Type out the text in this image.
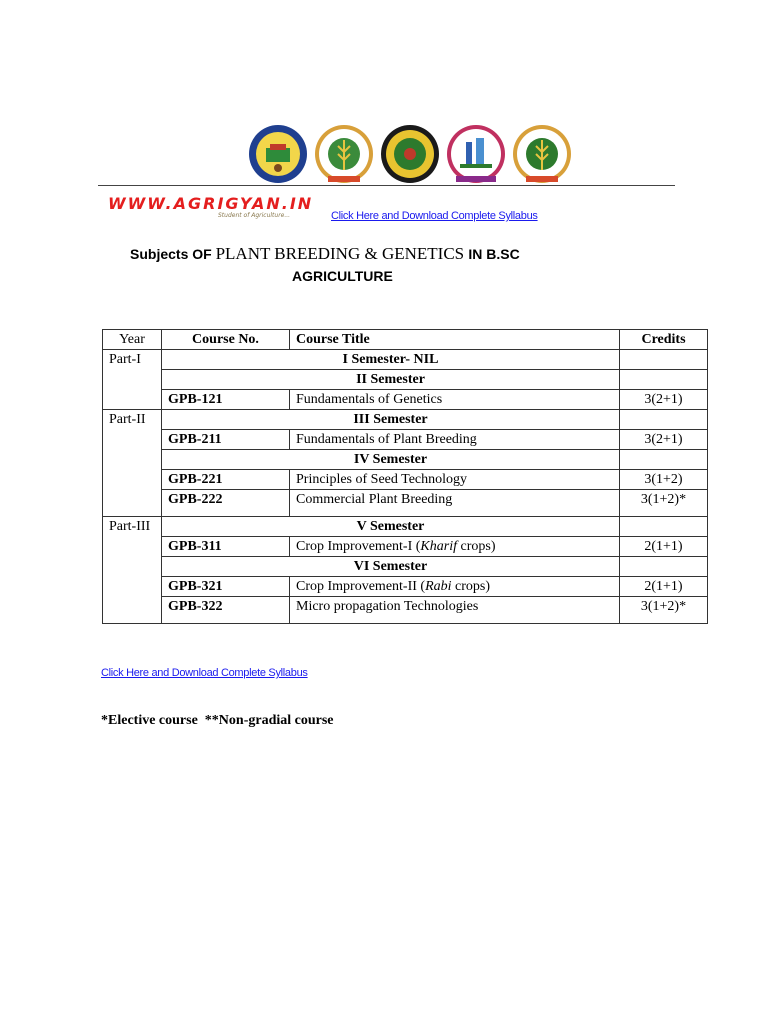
WWW.AGRIGYAN.IN
Student of Agriculture...	Click Here and Download Complete Syllabus
Subjects OF PLANT BREEDING & GENETICS IN B.SC
AGRICULTURE
Year	Course No.	Course Title	Credits
Part-I	I Semester- NIL		
	II Semester		
	GPB-121	Fundamentals of Genetics	3(2+1)
Part-II	III Semester		
	GPB-211	Fundamentals of Plant Breeding	3(2+1)
	IV Semester		
	GPB-221	Principles of Seed Technology	3(1+2)
	GPB-222	Commercial Plant Breeding	3(1+2)*
Part-III	V Semester		
	GPB-311	Crop Improvement-I (Kharif crops)	2(1+1)
	VI Semester		
	GPB-321	Crop Improvement-II (Rabi crops)	2(1+1)
	GPB-322	Micro propagation Technologies	3(1+2)*
Click Here and Download Complete Syllabus
*Elective course  **Non-gradial course
